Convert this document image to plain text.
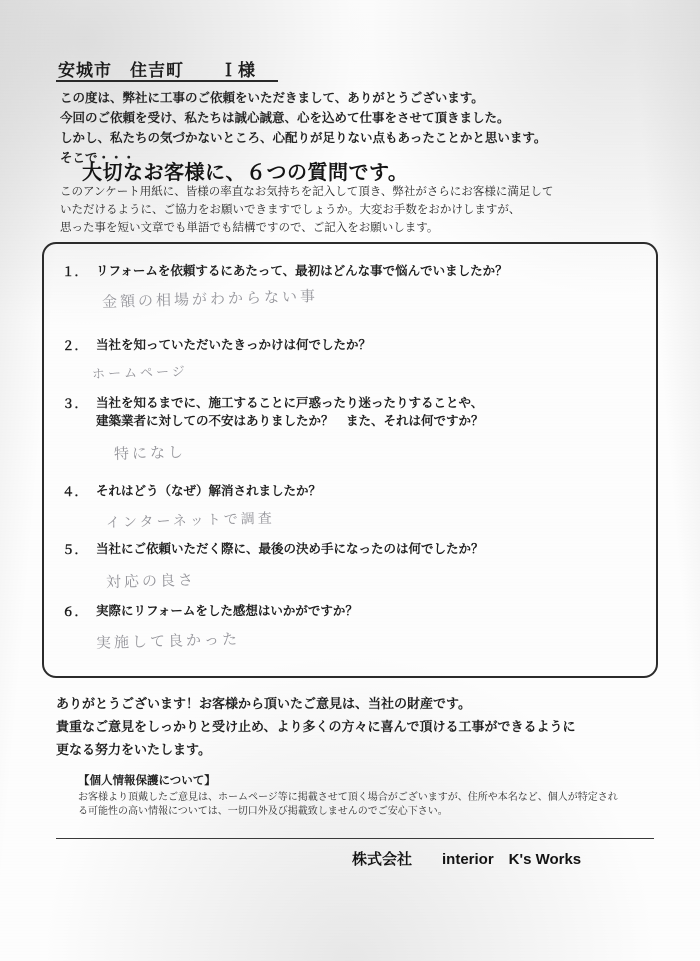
安城市　住吉町　　Ｉ様

この度は、弊社に工事のご依頼をいただきまして、ありがとうございます。

今回のご依頼を受け、私たちは誠心誠意、心を込めて仕事をさせて頂きました。

しかし、私たちの気づかないところ、心配りが足りない点もあったことかと思います。

そこで・・・

大切なお客様に、６つの質問です。

このアンケート用紙に、皆様の率直なお気持ちを記入して頂き、弊社がさらにお客様に満足して

いただけるように、ご協力をお願いできますでしょうか。大変お手数をおかけしますが、

思った事を短い文章でも単語でも結構ですので、ご記入をお願いします。

１． リフォームを依頼するにあたって、最初はどんな事で悩んでいましたか？
金額の相場がわからない事
２． 当社を知っていただいたきっかけは何でしたか？
ホームページ
３． 当社を知るまでに、施工することに戸惑ったり迷ったりすることや、
建築業者に対しての不安はありましたか？　また、それは何ですか？
特になし
４． それはどう（なぜ）解消されましたか？
インターネットで調査
５． 当社にご依頼いただく際に、最後の決め手になったのは何でしたか？
対応の良さ
６． 実際にリフォームをした感想はいかがですか？
実施して良かった

ありがとうございます！お客様から頂いたご意見は、当社の財産です。

貴重なご意見をしっかりと受け止め、より多くの方々に喜んで頂ける工事ができるように

更なる努力をいたします。

【個人情報保護について】

お客様より頂戴したご意見は、ホームページ等に掲載させて頂く場合がございますが、住所や本名など、個人が特定される可能性の高い情報については、一切口外及び掲載致しませんのでご安心下さい。

株式会社　　interior　K's Works
